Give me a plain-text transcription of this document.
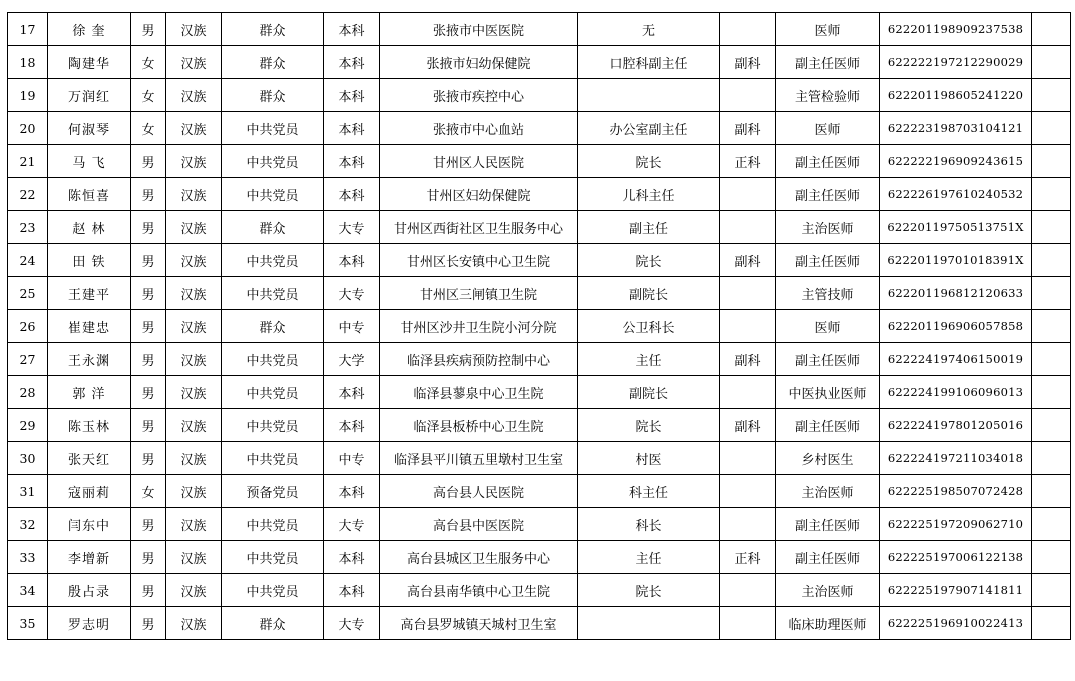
17	徐 奎	男	汉族	群众	本科	张掖市中医医院	无		医师	622201198909237538	
18	陶建华	女	汉族	群众	本科	张掖市妇幼保健院	口腔科副主任	副科	副主任医师	622222197212290029	
19	万润红	女	汉族	群众	本科	张掖市疾控中心			主管检验师	622201198605241220	
20	何淑琴	女	汉族	中共党员	本科	张掖市中心血站	办公室副主任	副科	医师	622223198703104121	
21	马 飞	男	汉族	中共党员	本科	甘州区人民医院	院长	正科	副主任医师	622222196909243615	
22	陈恒喜	男	汉族	中共党员	本科	甘州区妇幼保健院	儿科主任		副主任医师	622226197610240532	
23	赵 林	男	汉族	群众	大专	甘州区西街社区卫生服务中心	副主任		主治医师	62220119750513751X	
24	田 铁	男	汉族	中共党员	本科	甘州区长安镇中心卫生院	院长	副科	副主任医师	62220119701018391X	
25	王建平	男	汉族	中共党员	大专	甘州区三闸镇卫生院	副院长		主管技师	622201196812120633	
26	崔建忠	男	汉族	群众	中专	甘州区沙井卫生院小河分院	公卫科长		医师	622201196906057858	
27	王永渊	男	汉族	中共党员	大学	临泽县疾病预防控制中心	主任	副科	副主任医师	622224197406150019	
28	郭 洋	男	汉族	中共党员	本科	临泽县蓼泉中心卫生院	副院长		中医执业医师	622224199106096013	
29	陈玉林	男	汉族	中共党员	本科	临泽县板桥中心卫生院	院长	副科	副主任医师	622224197801205016	
30	张天红	男	汉族	中共党员	中专	临泽县平川镇五里墩村卫生室	村医		乡村医生	622224197211034018	
31	寇丽莉	女	汉族	预备党员	本科	高台县人民医院	科主任		主治医师	622225198507072428	
32	闫东中	男	汉族	中共党员	大专	高台县中医医院	科长		副主任医师	622225197209062710	
33	李增新	男	汉族	中共党员	本科	高台县城区卫生服务中心	主任	正科	副主任医师	622225197006122138	
34	殷占录	男	汉族	中共党员	本科	高台县南华镇中心卫生院	院长		主治医师	622225197907141811	
35	罗志明	男	汉族	群众	大专	高台县罗城镇天城村卫生室			临床助理医师	622225196910022413	
